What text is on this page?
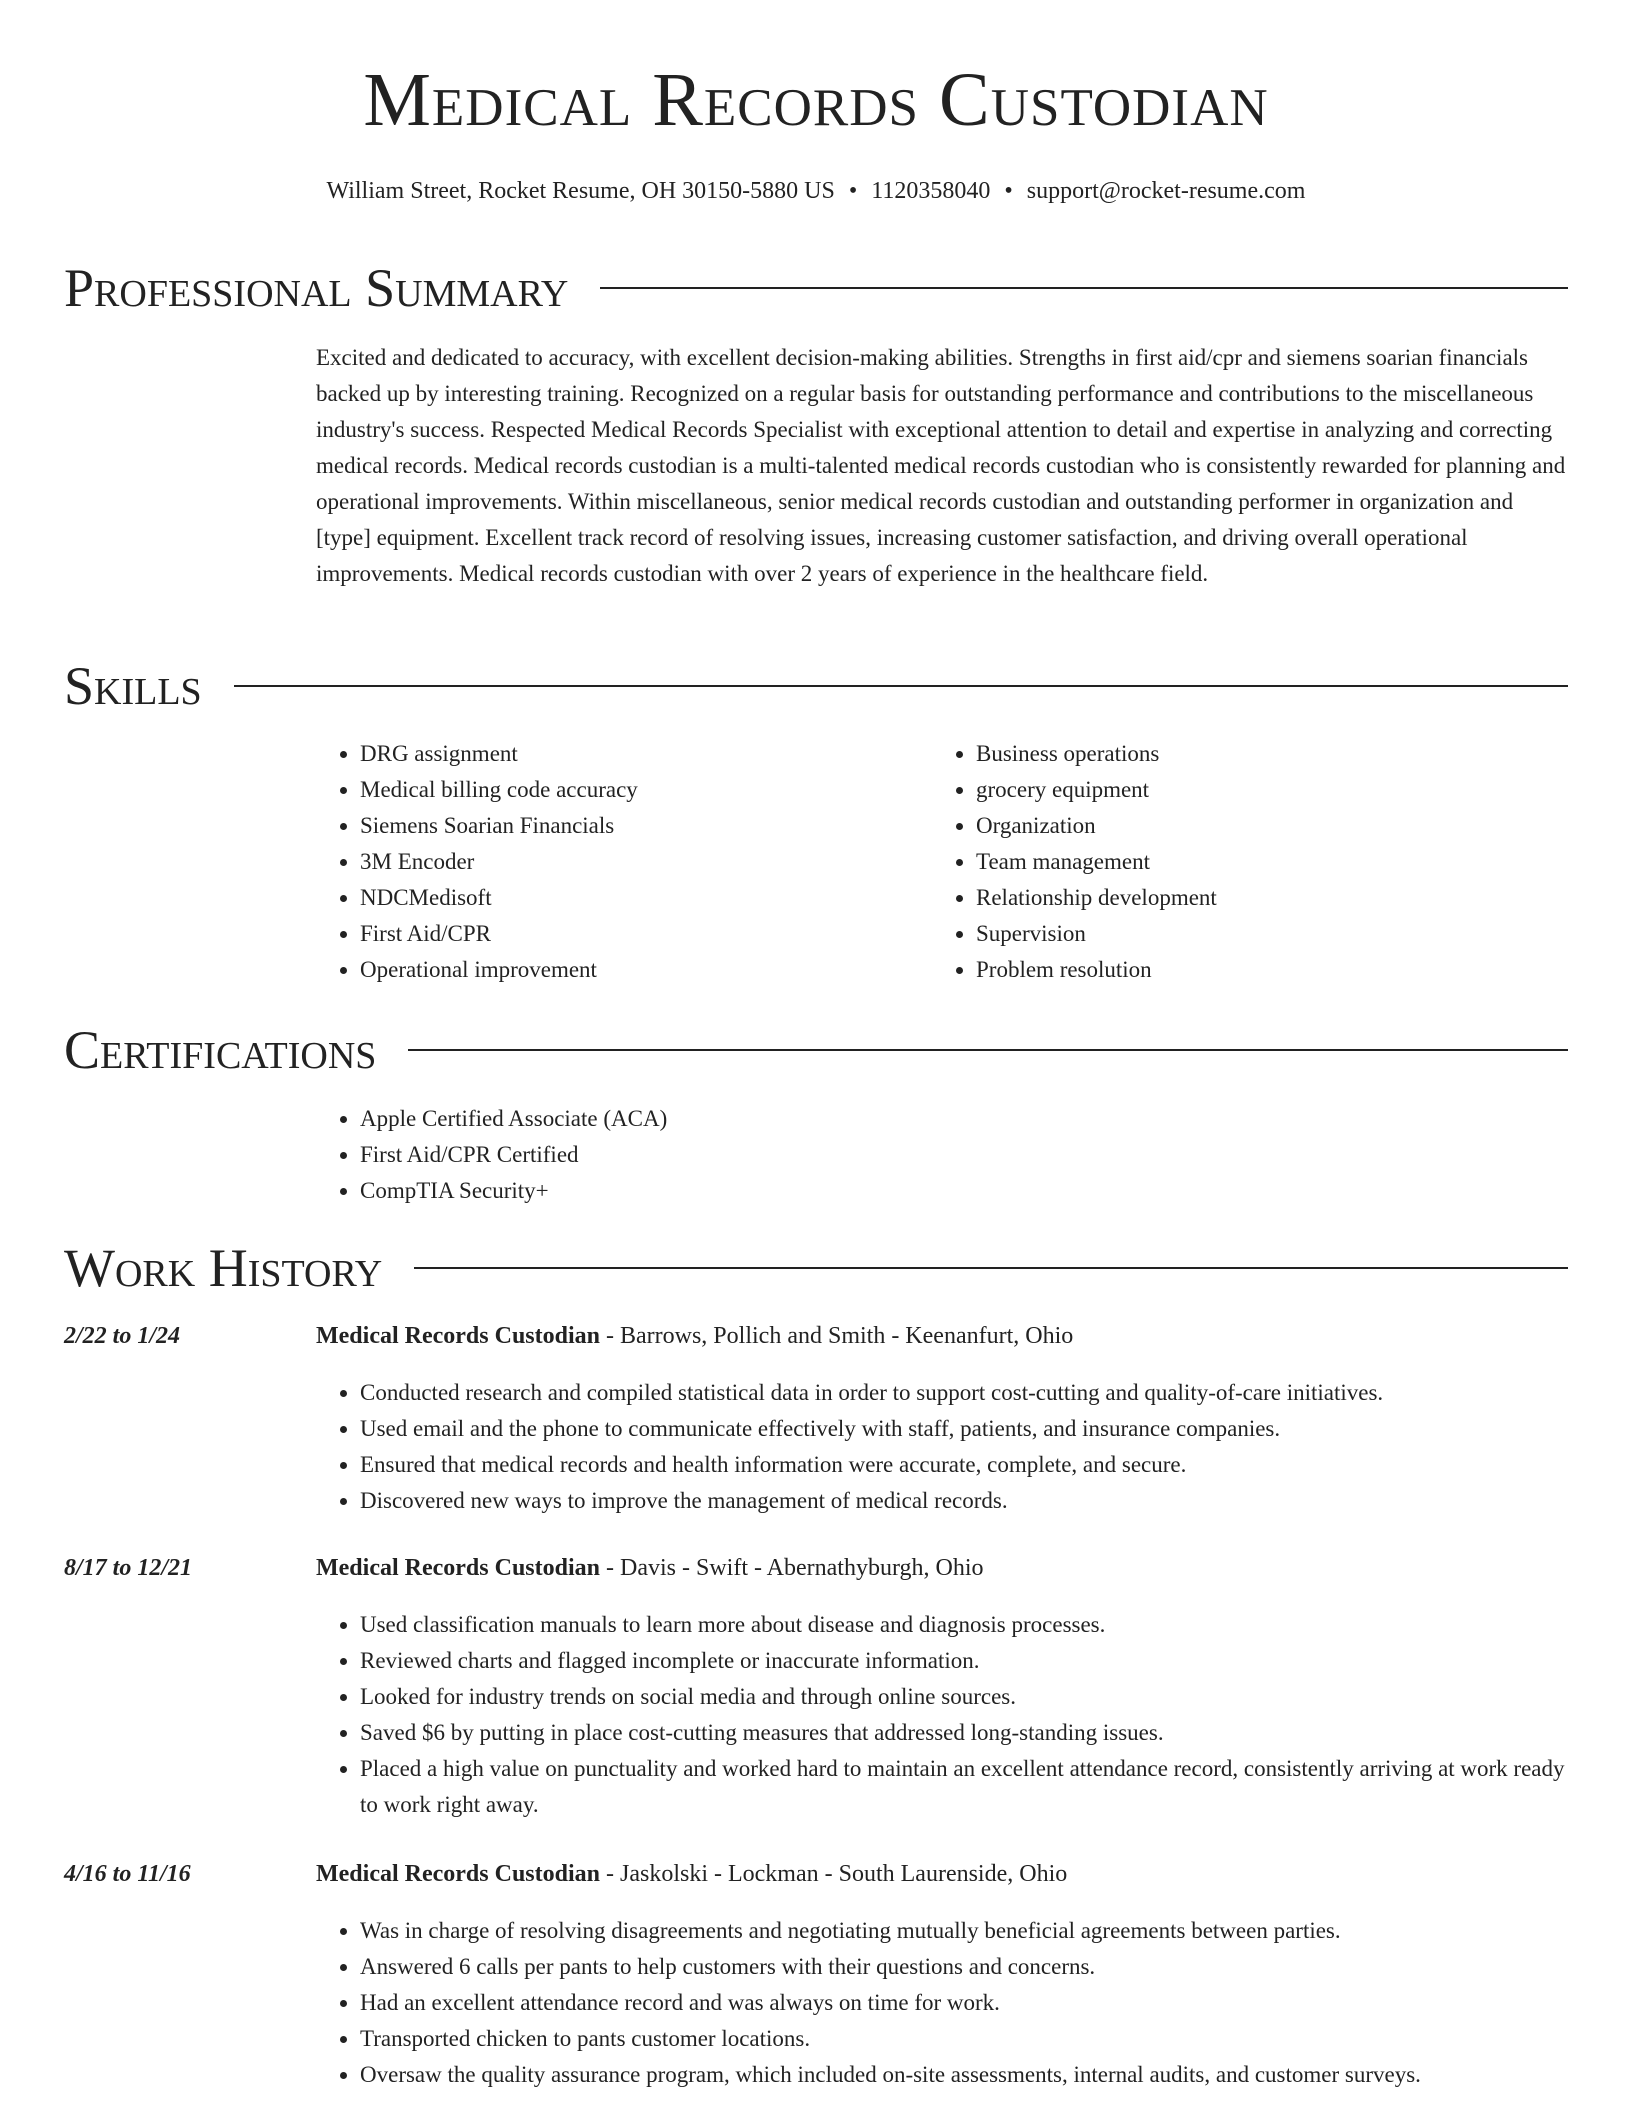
Medical Records Custodian
William Street, Rocket Resume, OH 30150-5880 US • 1120358040 • support@rocket-resume.com
Professional Summary

Excited and dedicated to accuracy, with excellent decision-making abilities. Strengths in first aid/cpr and siemens soarian financials backed up by interesting training. Recognized on a regular basis for outstanding performance and contributions to the miscellaneous industry's success. Respected Medical Records Specialist with exceptional attention to detail and expertise in analyzing and correcting medical records. Medical records custodian is a multi-talented medical records custodian who is consistently rewarded for planning and operational improvements. Within miscellaneous, senior medical records custodian and outstanding performer in organization and [type] equipment. Excellent track record of resolving issues, increasing customer satisfaction, and driving overall operational improvements. Medical records custodian with over 2 years of experience in the healthcare field.

Skills
• DRG assignment
• Medical billing code accuracy
• Siemens Soarian Financials
• 3M Encoder
• NDCMedisoft
• First Aid/CPR
• Operational improvement
• Business operations
• grocery equipment
• Organization
• Team management
• Relationship development
• Supervision
• Problem resolution
Certifications
• Apple Certified Associate (ACA)
• First Aid/CPR Certified
• CompTIA Security+
Work History
2/22 to 1/24	Medical Records Custodian - Barrows, Pollich and Smith - Keenanfurt, Ohio
• Conducted research and compiled statistical data in order to support cost-cutting and quality-of-care initiatives.
• Used email and the phone to communicate effectively with staff, patients, and insurance companies.
• Ensured that medical records and health information were accurate, complete, and secure.
• Discovered new ways to improve the management of medical records.
8/17 to 12/21	Medical Records Custodian - Davis - Swift - Abernathyburgh, Ohio
• Used classification manuals to learn more about disease and diagnosis processes.
• Reviewed charts and flagged incomplete or inaccurate information.
• Looked for industry trends on social media and through online sources.
• Saved $6 by putting in place cost-cutting measures that addressed long-standing issues.
• Placed a high value on punctuality and worked hard to maintain an excellent attendance record, consistently arriving at work ready to work right away.
4/16 to 11/16	Medical Records Custodian - Jaskolski - Lockman - South Laurenside, Ohio
• Was in charge of resolving disagreements and negotiating mutually beneficial agreements between parties.
• Answered 6 calls per pants to help customers with their questions and concerns.
• Had an excellent attendance record and was always on time for work.
• Transported chicken to pants customer locations.
• Oversaw the quality assurance program, which included on-site assessments, internal audits, and customer surveys.
